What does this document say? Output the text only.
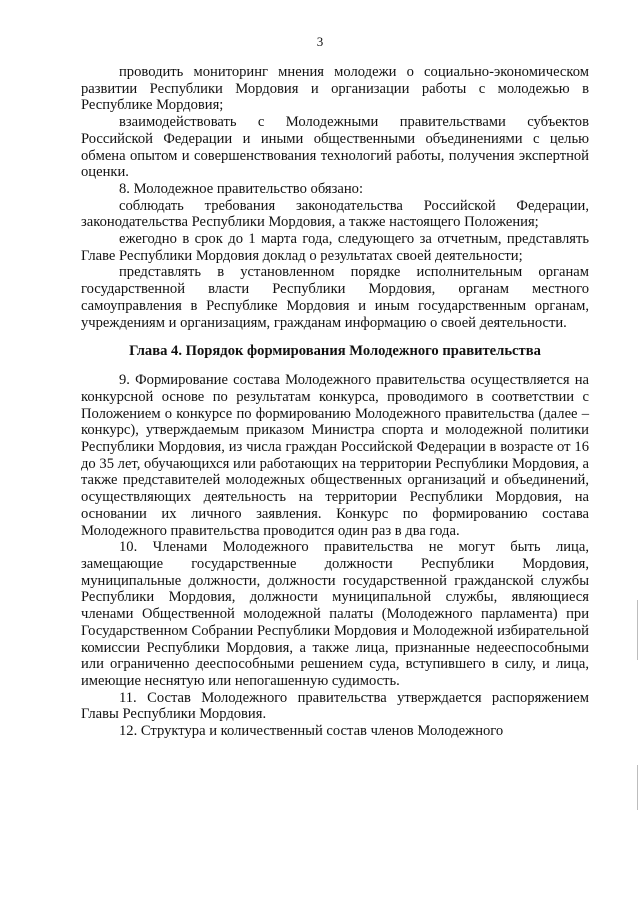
3

проводить мониторинг мнения молодежи о социально-экономическом развитии Республики Мордовия и организации работы с молодежью в Республике Мордовия;

взаимодействовать с Молодежными правительствами субъектов Российской Федерации и иными общественными объединениями с целью обмена опытом и совершенствования технологий работы, получения экспертной оценки.

8. Молодежное правительство обязано:

соблюдать требования законодательства Российской Федерации, законодательства Республики Мордовия, а также настоящего Положения;

ежегодно в срок до 1 марта года, следующего за отчетным, представлять Главе Республики Мордовия доклад о результатах своей деятельности;

представлять в установленном порядке исполнительным органам государственной власти Республики Мордовия, органам местного самоуправления в Республике Мордовия и иным государственным органам, учреждениям и организациям, гражданам информацию о своей деятельности.

Глава 4. Порядок формирования Молодежного правительства

9. Формирование состава Молодежного правительства осуществляется на конкурсной основе по результатам конкурса, проводимого в соответствии с Положением о конкурсе по формированию Молодежного правительства (далее – конкурс), утверждаемым приказом Министра спорта и молодежной политики Республики Мордовия, из числа граждан Российской Федерации в возрасте от 16 до 35 лет, обучающихся или работающих на территории Республики Мордовия, а также представителей молодежных общественных организаций и объединений, осуществляющих деятельность на территории Республики Мордовия, на основании их личного заявления. Конкурс по формированию состава Молодежного правительства проводится один раз в два года.

10. Членами Молодежного правительства не могут быть лица, замещающие государственные должности Республики Мордовия, муниципальные должности, должности государственной гражданской службы Республики Мордовия, должности муниципальной службы, являющиеся членами Общественной молодежной палаты (Молодежного парламента) при Государственном Собрании Республики Мордовия и Молодежной избирательной комиссии Республики Мордовия, а также лица, признанные недееспособными или ограниченно дееспособными решением суда, вступившего в силу, и лица, имеющие неснятую или непогашенную судимость.

11. Состав Молодежного правительства утверждается распоряжением Главы Республики Мордовия.

12. Структура и количественный состав членов Молодежного
